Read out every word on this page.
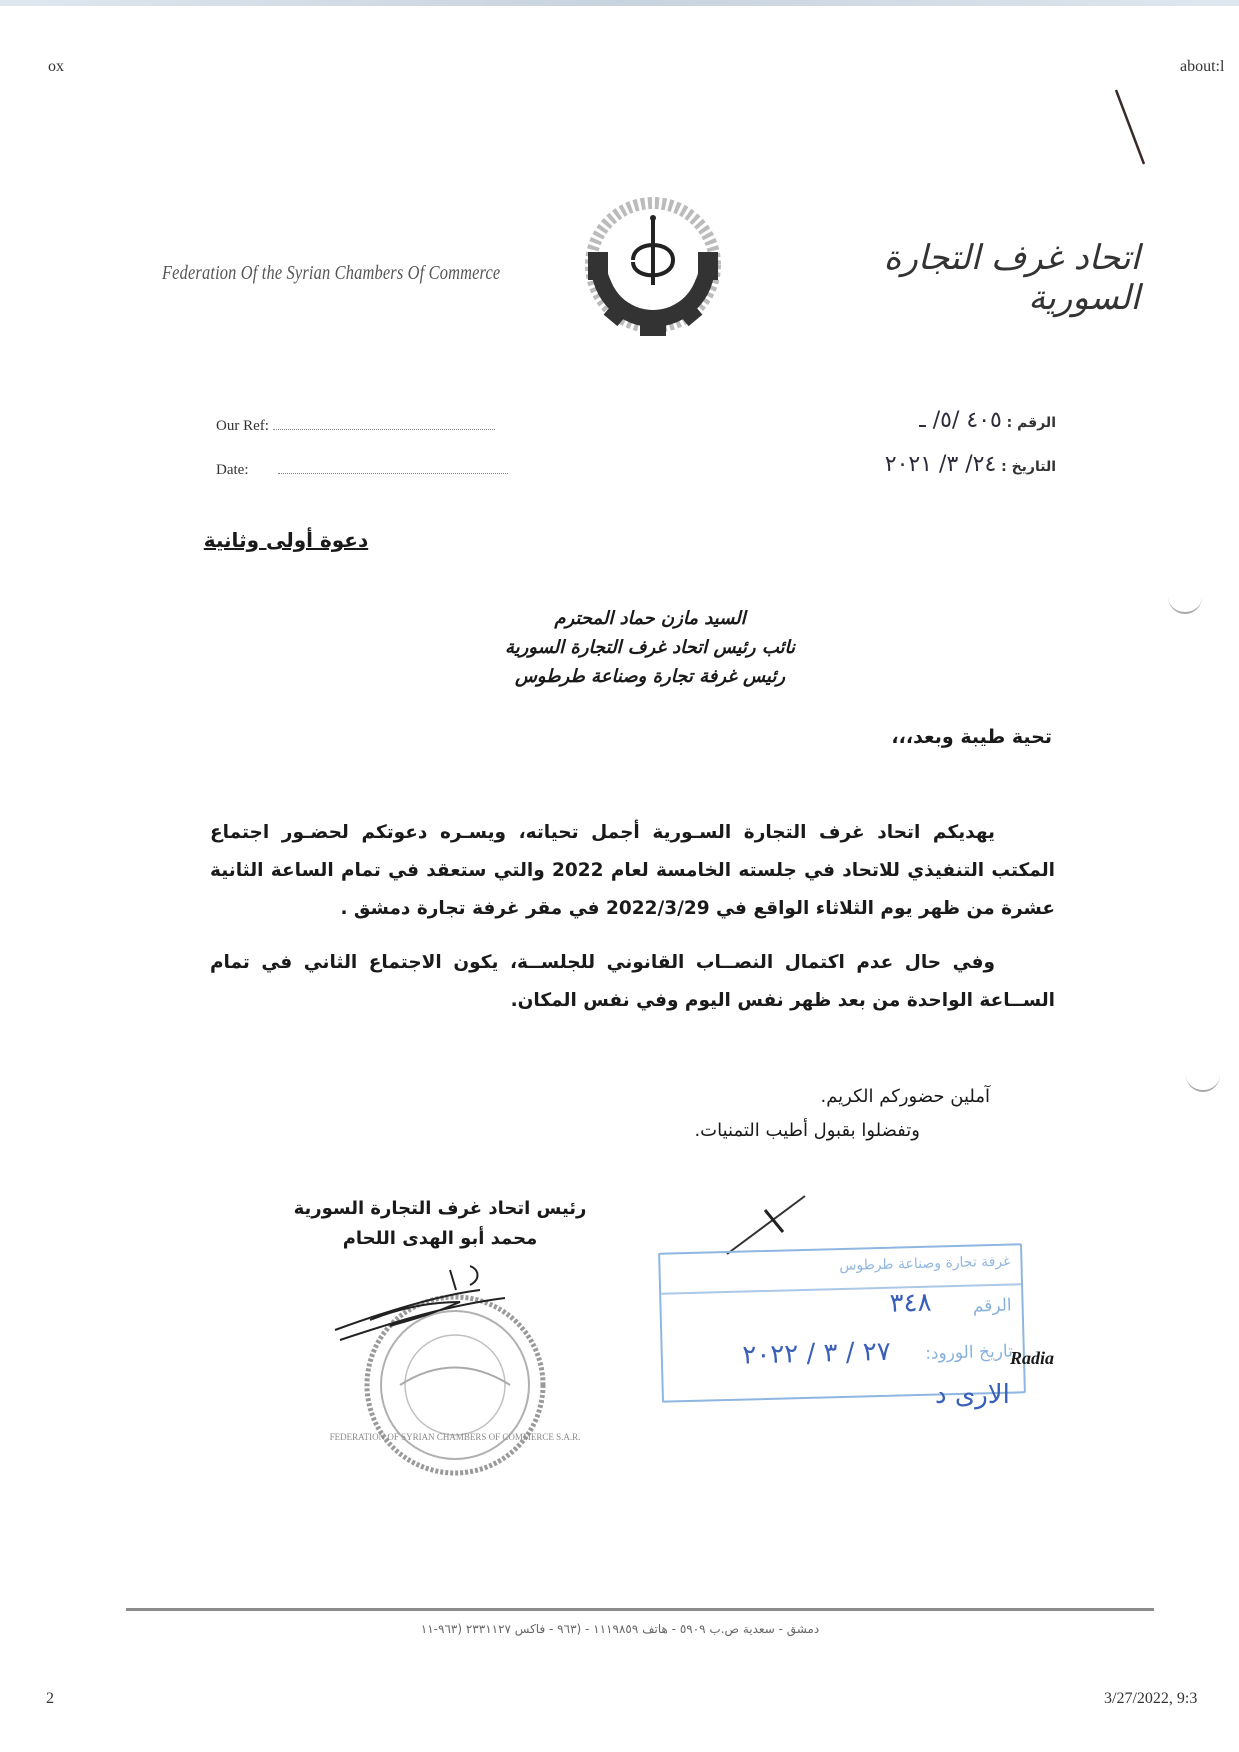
ox	about:l
Federation Of the Syrian Chambers Of Commerce	اتحاد غرف التجارة السورية
Our Ref:
Date:
الرقم : ٤٠٥ /٥/ ـ
التاريخ : ٢٤/ ٣/ ٢٠٢١
دعوة أولى وثانية
السيد مازن حماد المحترم
نائب رئيس اتحاد غرف التجارة السورية
رئيس غرفة تجارة وصناعة طرطوس
تحية طيبة وبعد،،،
يهديكم اتحاد غرف التجارة السـورية أجمل تحياته، ويسـره دعوتكم لحضـور اجتماع المكتب التنفيذي للاتحاد في جلسته الخامسة لعام 2022 والتي ستعقد في تمام الساعة الثانية عشرة من ظهر يوم الثلاثاء الواقع في 2022/3/29 في مقر غرفة تجارة دمشق .
وفي حال عدم اكتمال النصــاب القانوني للجلســة، يكون الاجتماع الثاني في تمام الســاعة الواحدة من بعد ظهر نفس اليوم وفي نفس المكان.
آملين حضوركم الكريم.
وتفضلوا بقبول أطيب التمنيات.
رئيس اتحاد غرف التجارة السورية
محمد أبو الهدى اللحام
FEDERATION OF SYRIAN CHAMBERS OF COMMERCE S.A.R.
غرفة تجارة وصناعة طرطوس
الرقم
٣٤٨
تاريخ الورود:
٢٧ / ٣ / ٢٠٢٢	Radia
الارى د
دمشق - سعدية ص.ب ٥٩٠٩ - هاتف ١١١٩٨٥٩ - (٩٦٣ - فاكس ٢٣٣١١٢٧ (٩٦٣-١١
2	3/27/2022, 9:3
